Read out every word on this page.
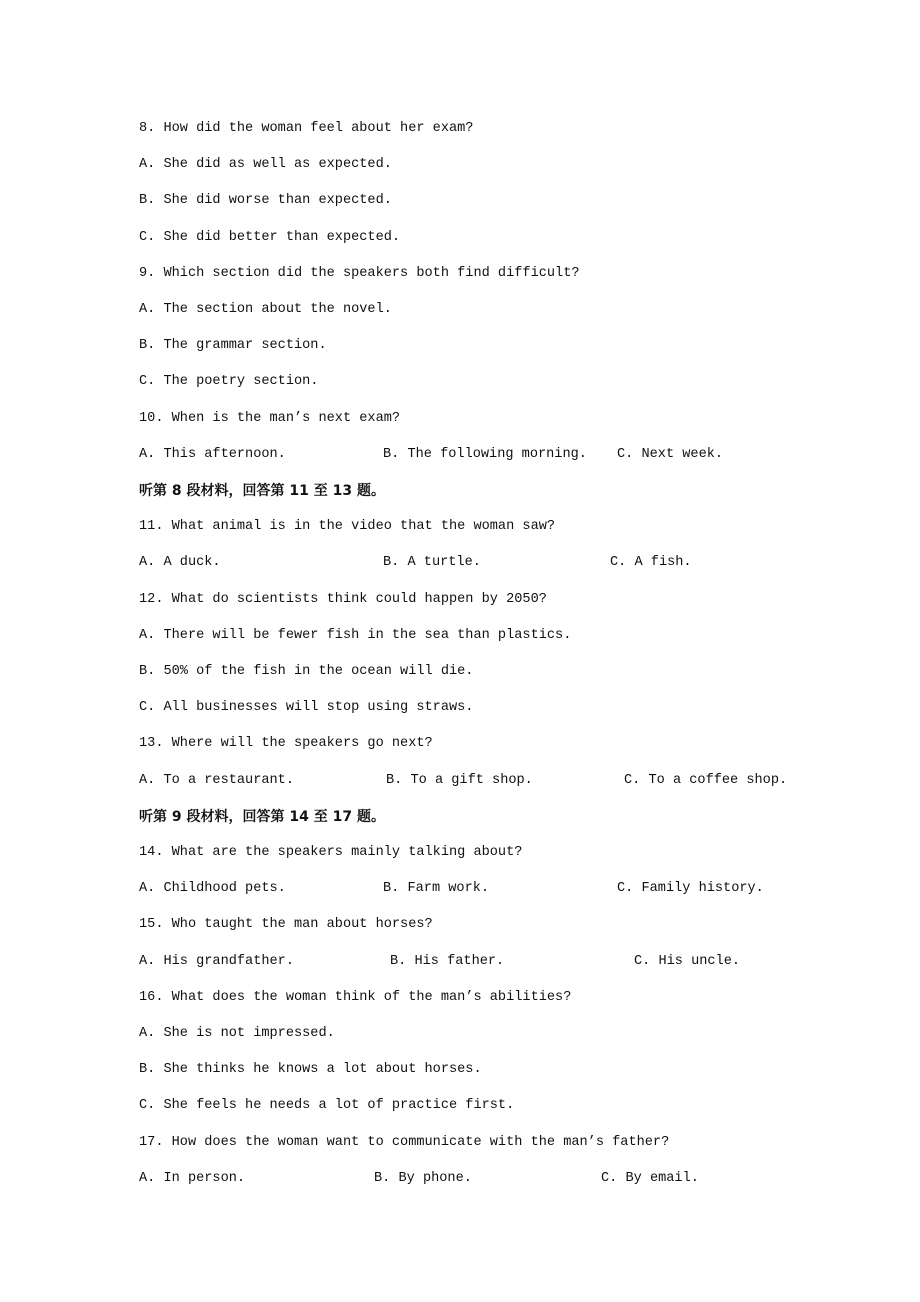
8. How did the woman feel about her exam?
A. She did as well as expected.
B. She did worse than expected.
C. She did better than expected.
9. Which section did the speakers both find difficult?
A. The section about the novel.
B. The grammar section.
C. The poetry section.
10. When is the man’s next exam?
A. This afternoon.	B. The following morning. C. Next week.
听第 8 段材料，回答第 11 至 13 题。
11. What animal is in the video that the woman saw?
A. A duck.	B. A turtle.	C. A fish.
12. What do scientists think could happen by 2050?
A. There will be fewer fish in the sea than plastics.
B. 50% of the fish in the ocean will die.
C. All businesses will stop using straws.
13. Where will the speakers go next?
A. To a restaurant.	B. To a gift shop.	C. To a coffee shop.
听第 9 段材料，回答第 14 至 17 题。
14. What are the speakers mainly talking about?
A. Childhood pets.	B. Farm work.	C. Family history.
15. Who taught the man about horses?
A. His grandfather.	B. His father.	C. His uncle.
16. What does the woman think of the man’s abilities?
A. She is not impressed.
B. She thinks he knows a lot about horses.
C. She feels he needs a lot of practice first.
17. How does the woman want to communicate with the man’s father?
A. In person.	B. By phone.	C. By email.
